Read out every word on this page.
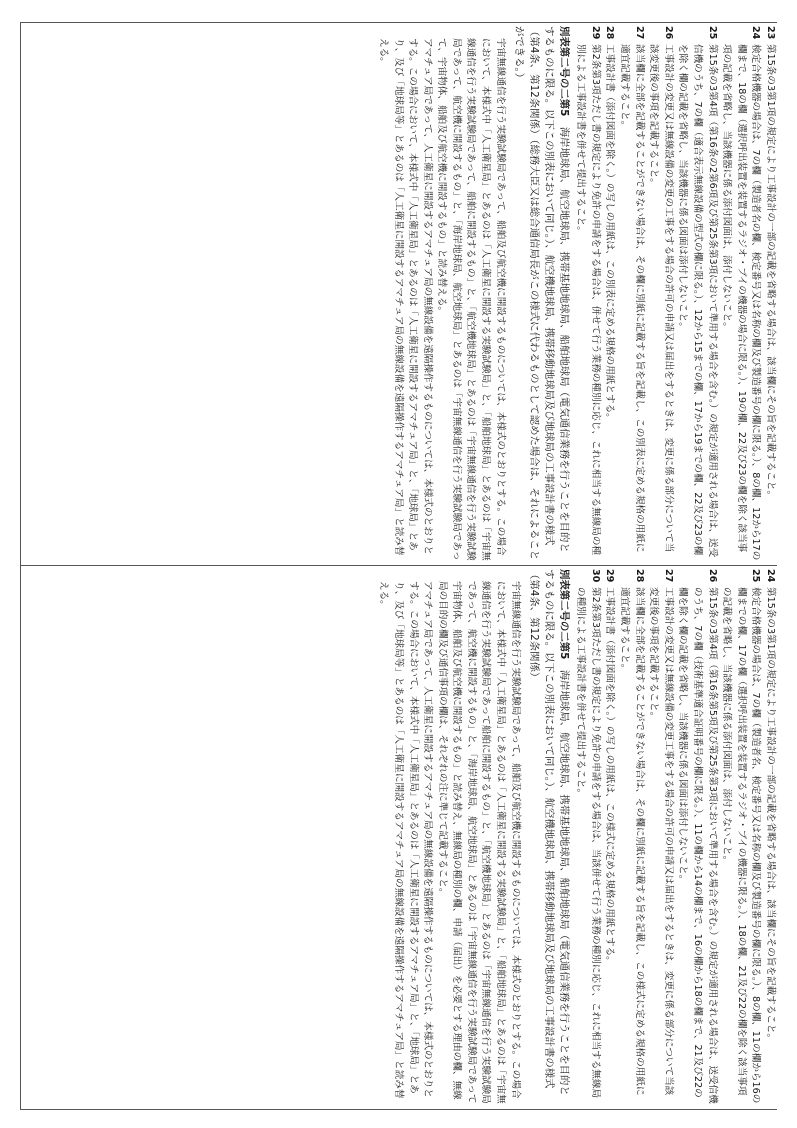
23
第15条の3第1項の規定により工事設計の一部の記載を省略する場合は、該当欄にその旨を記載すること。
24
検定合格機器の場合は、7の欄（製造者名の欄、検定番号又は名称の欄及び製造番号の欄に限る。）、8の欄、12から17の欄まで、18の欄（選択呼出装置を装置するラジオ・ブイの機器の場合に限る。）、19の欄、22及び23の欄を除く該当事項の記載を省略し、当該機器に係る添付図面は、添付しないこと。
25
第15条の3第4項（第16条の2第6項及び第25条第3項において準用する場合を含む。）の規定が適用される場合は、送受信機のうち、7の欄（適合表示無線設備の型式の欄に限る。）、12から15までの欄、17から19までの欄、22及び23の欄を除く欄の記載を省略し、当該機器に係る図面は添付しないこと。
26
工事設計の変更又は無線設備の変更の工事をする場合の許可の申請又は届出をするときは、変更に係る部分について当該変更後の事項を記載すること。
27
該当欄に全部を記載することができない場合は、その欄に別紙に記載する旨を記載し、この別表に定める規格の用紙に適宜記載すること。
28
工事設計書（添付図面を除く。）の写しの用紙は、この別表に定める規格の用紙とする。
29
第2条第3項ただし書の規定により免許の申請をする場合は、併せて行う業務の種別に応じ、これに相当する無線局の種別による工事設計書を併せて提出すること。
別表第二号の二第5　海岸地球局、航空地球局、携帯基地地球局、船舶地球局（電気通信業務を行うことを目的とするものに限る。以下この別表において同じ。）、航空機地球局、携帯移動地球局及び地球局の工事設計書の様式（第4条、第12条関係）（総務大臣又は総合通信局長がこの様式に代わるものとして認めた場合は、それによることができる。）
宇宙無線通信を行う実験試験局であって、船舶及び航空機に開設するものについては、本様式のとおりとする。この場合において、本様式中「人工衛星局」とあるのは「人工衛星に開設する実験試験局」と、「船舶地球局」とあるのは「宇宙無線通信を行う実験試験局であって、船舶に開設するもの」と、「航空機地球局」とあるのは「宇宙無線通信を行う実験試験局であって、航空機に開設するもの」と、「海岸地球局、航空地球局」とあるのは「宇宙無線通信を行う実験試験局であって、宇宙物体、船舶及び航空機に開設するもの」と読み替える。
アマチュア局であって、人工衛星に開設するアマチュア局の無線設備を遠隔操作するものについては、本様式のとおりとする。この場合において、本様式中「人工衛星局」とあるのは「人工衛星に開設するアマチュア局」と、「地球局」とあり、及び「地球局等」とあるのは「人工衛星に開設するアマチュア局の無線設備を遠隔操作するアマチュア局」と読み替える。
24
第15条の3第1項の規定により工事設計の一部の記載を省略する場合は、該当欄にその旨を記載すること。
25
検定合格機器の場合は、7の欄（製造者名、検定番号又は名称の欄及び製造番号の欄に限る。）、8の欄、11の欄から16の欄までの欄、17の欄（選択呼出装置を装置するラジオ・ブイの機器に限る。）、18の欄、21及び22の欄を除く該当事項の記載を省略し、当該機器に係る添付図面は、添付しないこと。
26
第15条の3第4項（第16条第5項及び第25条第3項において準用する場合を含む。）の規定が適用される場合は、送受信機のうち、7の欄（技術基準適合証明番号の欄に限る。）、11の欄から14の欄まで、16の欄から18の欄まで、21及び22の欄を除く欄の記載を省略し、当該機器に係る図面は添付しないこと。
27
工事設計の変更又は無線設備の変更工事をする場合の許可の申請又は届出をするときは、変更に係る部分について当該変更後の事項を記載すること。
28
該当欄に全部を記載することができない場合は、その欄に別紙に記載する旨を記載し、この様式に定める規格の用紙に適宜記載すること。
29
工事設計書（添付図面を除く。）の写しの用紙は、この様式に定める規格の用紙とする。
30
第2条第3項ただし書の規定により免許の申請をする場合は、当該併せて行う業務の種別に応じ、これに相当する無線局の種別による工事設計書を併せて提出すること。
別表第二号の二第5　海岸地球局、航空地球局、携帯基地地球局、船舶地球局（電気通信業務を行うことを目的とするものに限る。以下この別表において同じ。）、航空機地球局、携帯移動地球局及び地球局の工事設計書の様式（第4条、第12条関係）
宇宙無線通信を行う実験試験局であって、船舶及び航空機に開設するものについては、本様式のとおりとする。この場合において、本様式中「人工衛星局」とあるのは「人工衛星に開設する実験試験局」と、「船舶地球局」とあるのは「宇宙無線通信を行う実験試験局であって船舶に開設するもの」と、「航空機地球局」とあるのは「宇宙無線通信を行う実験試験局であって、航空機に開設するもの」と、「海岸地球局、航空地球局」とあるのは「宇宙無線通信を行う実験試験局であって宇宙物体、船舶及び航空機に開設するもの」と読み替え、無線局の種別の欄、申請（届出）を必要とする理由の欄、無線局の目的の欄及び通信事項の欄は、それぞれの注に準じて記載すること。
アマチュア局であって、人工衛星に開設するアマチュア局の無線設備を遠隔操作するものについては、本様式のとおりとする。この場合において、本様式中「人工衛星局」とあるのは「人工衛星に開設するアマチュア局」と、「地球局」とあり、及び「地球局等」とあるのは「人工衛星に開設するアマチュア局の無線設備を遠隔操作するアマチュア局」と読み替える。
